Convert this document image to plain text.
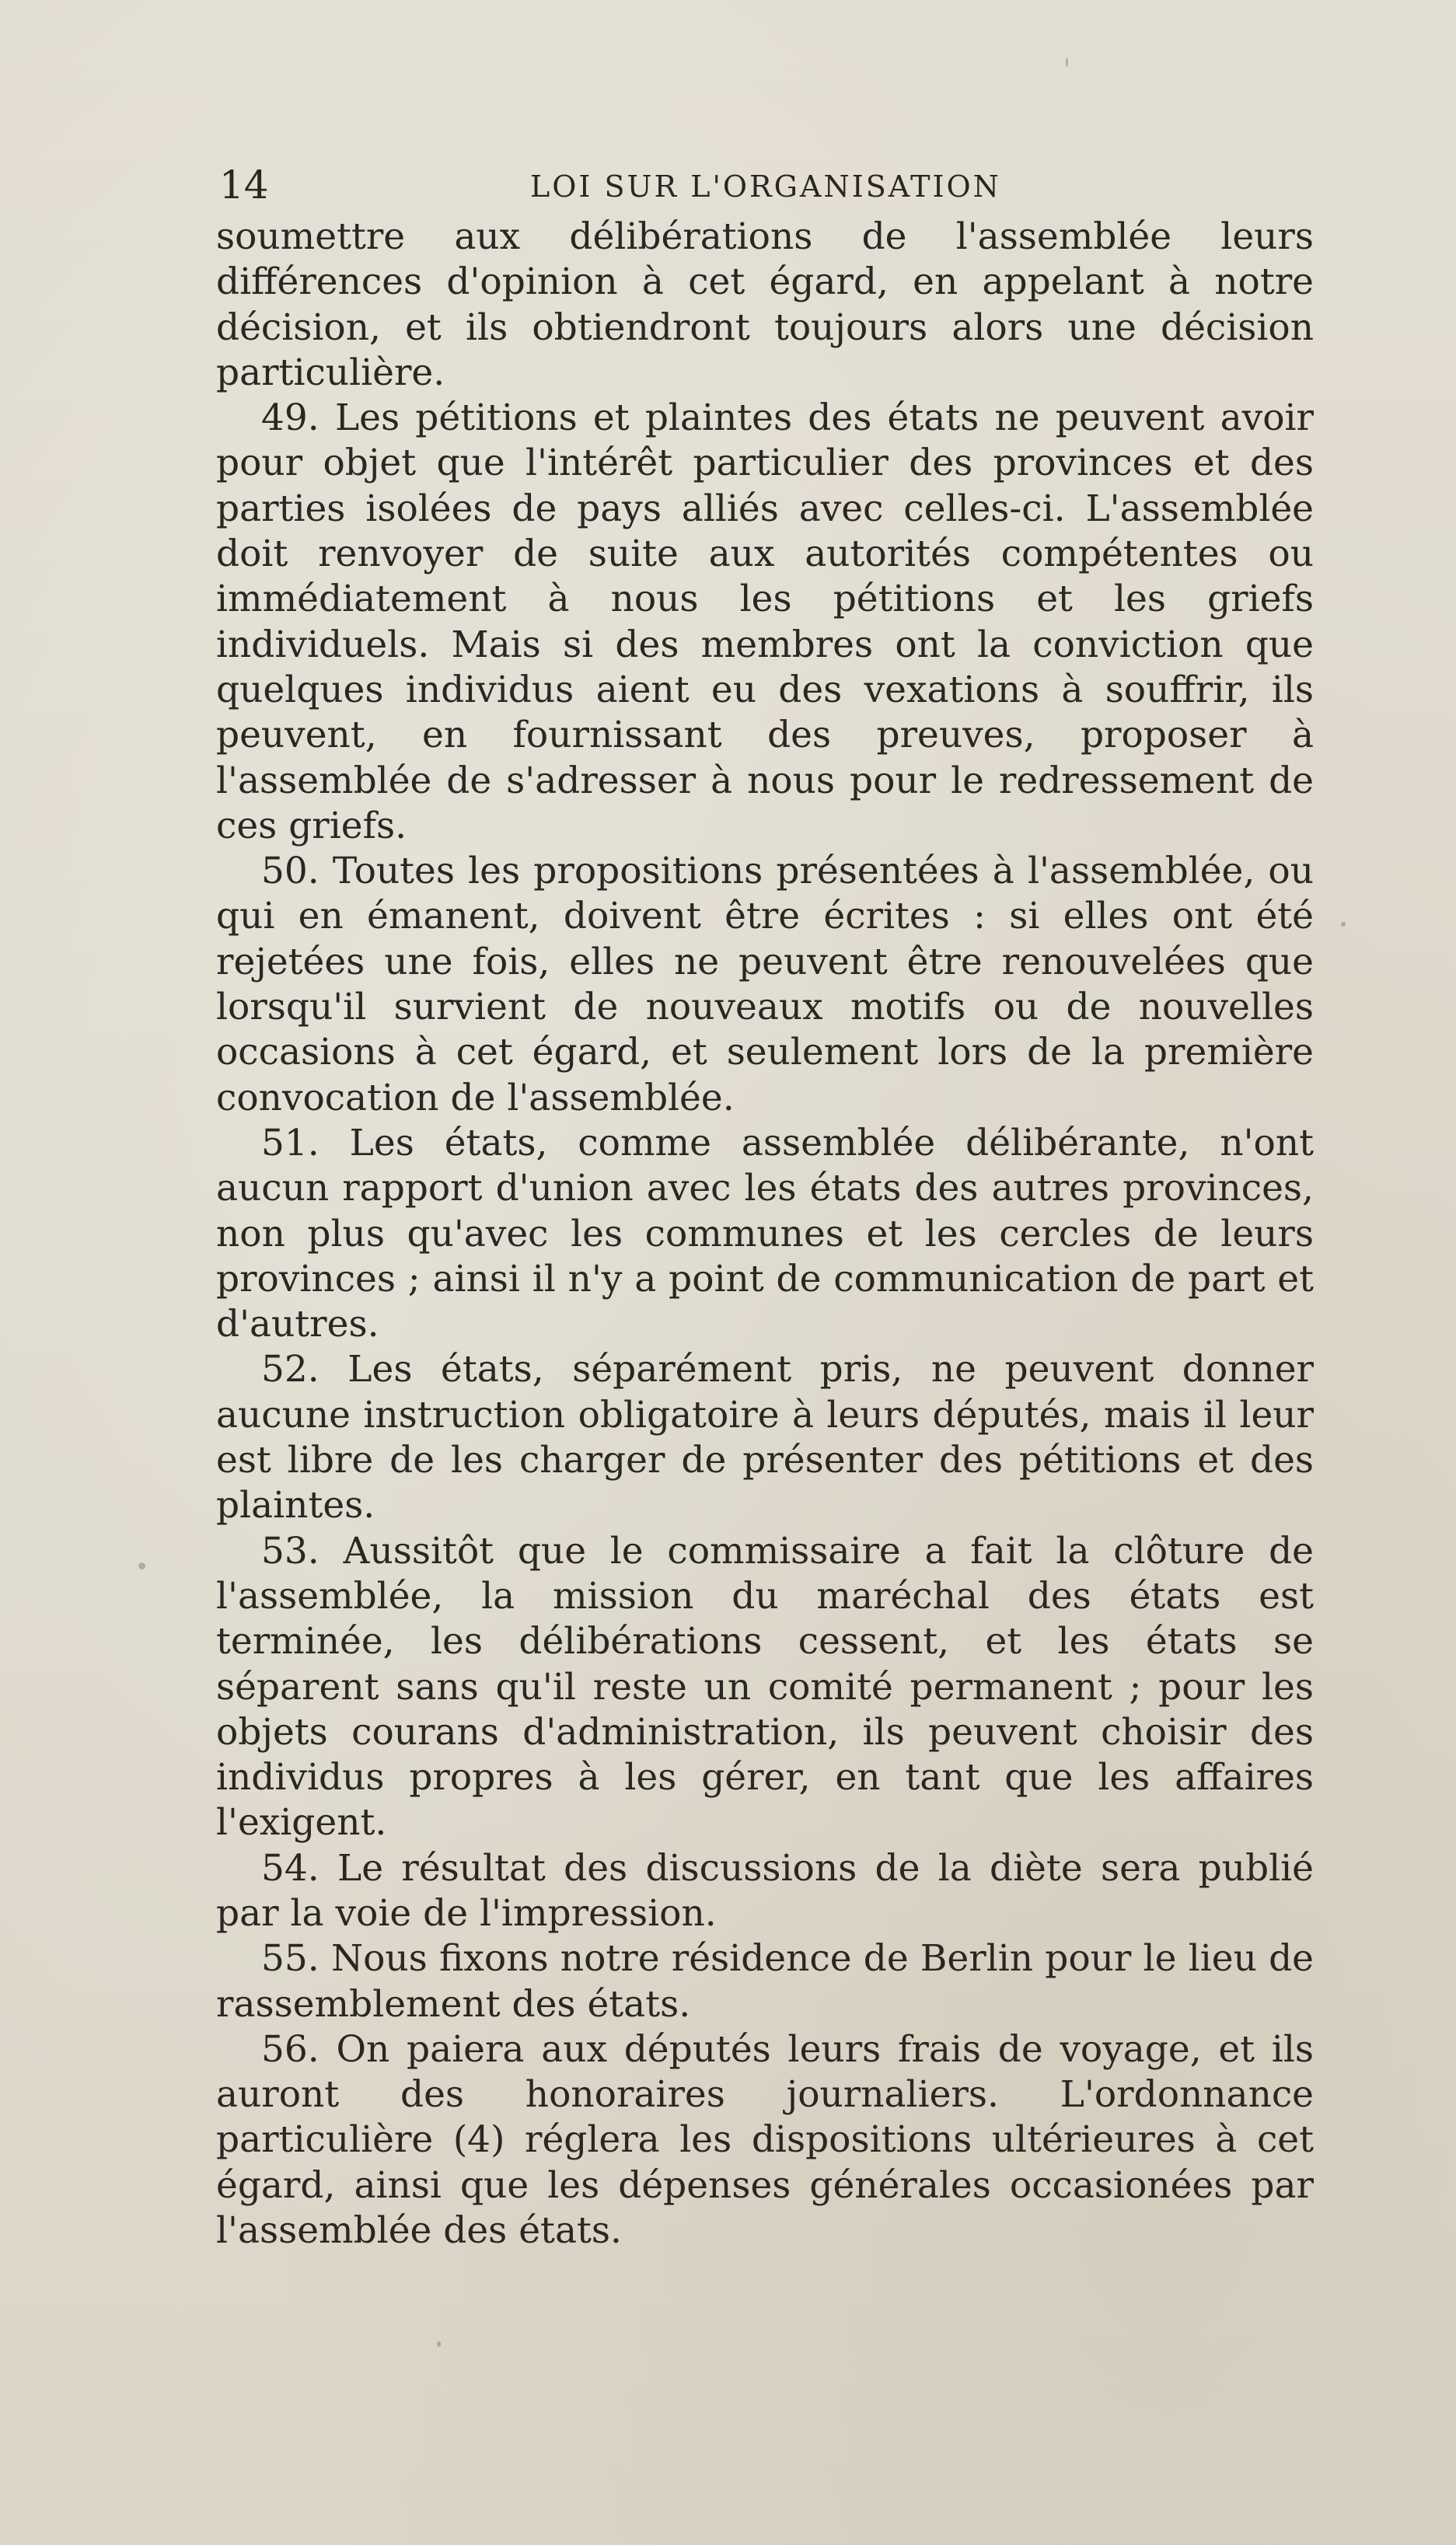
14	LOI SUR L'ORGANISATION

soumettre aux délibérations de l'assemblée leurs différences d'opinion à cet égard, en appelant à notre décision, et ils obtiendront toujours alors une décision particulière.

49. Les pétitions et plaintes des états ne peuvent avoir pour objet que l'intérêt particulier des provinces et des parties isolées de pays alliés avec celles-ci. L'assemblée doit renvoyer de suite aux autorités compétentes ou immédiatement à nous les pétitions et les griefs individuels. Mais si des membres ont la conviction que quelques individus aient eu des vexations à souffrir, ils peuvent, en fournissant des preuves, proposer à l'assemblée de s'adresser à nous pour le redressement de ces griefs.

50. Toutes les propositions présentées à l'assemblée, ou qui en émanent, doivent être écrites : si elles ont été rejetées une fois, elles ne peuvent être renouvelées que lorsqu'il survient de nouveaux motifs ou de nouvelles occasions à cet égard, et seulement lors de la première convocation de l'assemblée.

51. Les états, comme assemblée délibérante, n'ont aucun rapport d'union avec les états des autres provinces, non plus qu'avec les communes et les cercles de leurs provinces ; ainsi il n'y a point de communication de part et d'autres.

52. Les états, séparément pris, ne peuvent donner aucune instruction obligatoire à leurs députés, mais il leur est libre de les charger de présenter des pétitions et des plaintes.

53. Aussitôt que le commissaire a fait la clôture de l'assemblée, la mission du maréchal des états est terminée, les délibérations cessent, et les états se séparent sans qu'il reste un comité permanent ; pour les objets courans d'administration, ils peuvent choisir des individus propres à les gérer, en tant que les affaires l'exigent.

54. Le résultat des discussions de la diète sera publié par la voie de l'impression.

55. Nous fixons notre résidence de Berlin pour le lieu de rassemblement des états.

56. On paiera aux députés leurs frais de voyage, et ils auront des honoraires journaliers. L'ordonnance particulière (4) réglera les dispositions ultérieures à cet égard, ainsi que les dépenses générales occasionées par l'assemblée des états.
